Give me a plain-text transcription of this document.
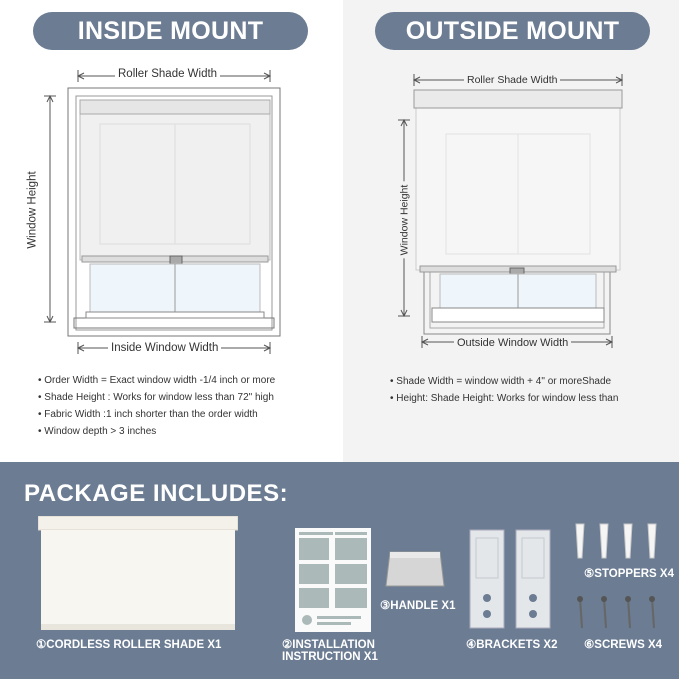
INSIDE MOUNT	OUTSIDE MOUNT
Roller Shade Width
Window Height
Inside Window Width
• Order Width = Exact window width -1/4 inch or more
• Shade Height : Works for window less than 72" high
• Fabric Width :1 inch shorter than the order width
• Window depth > 3 inches
Roller Shade Width
Window Height
Outside Window Width
• Shade Width = window width + 4" or moreShade
• Height: Shade Height: Works for window less than
PACKAGE INCLUDES:
①CORDLESS ROLLER SHADE X1	②INSTALLATION
INSTRUCTION X1
③HANDLE X1
④BRACKETS X2
⑤STOPPERS X4
⑥SCREWS X4
